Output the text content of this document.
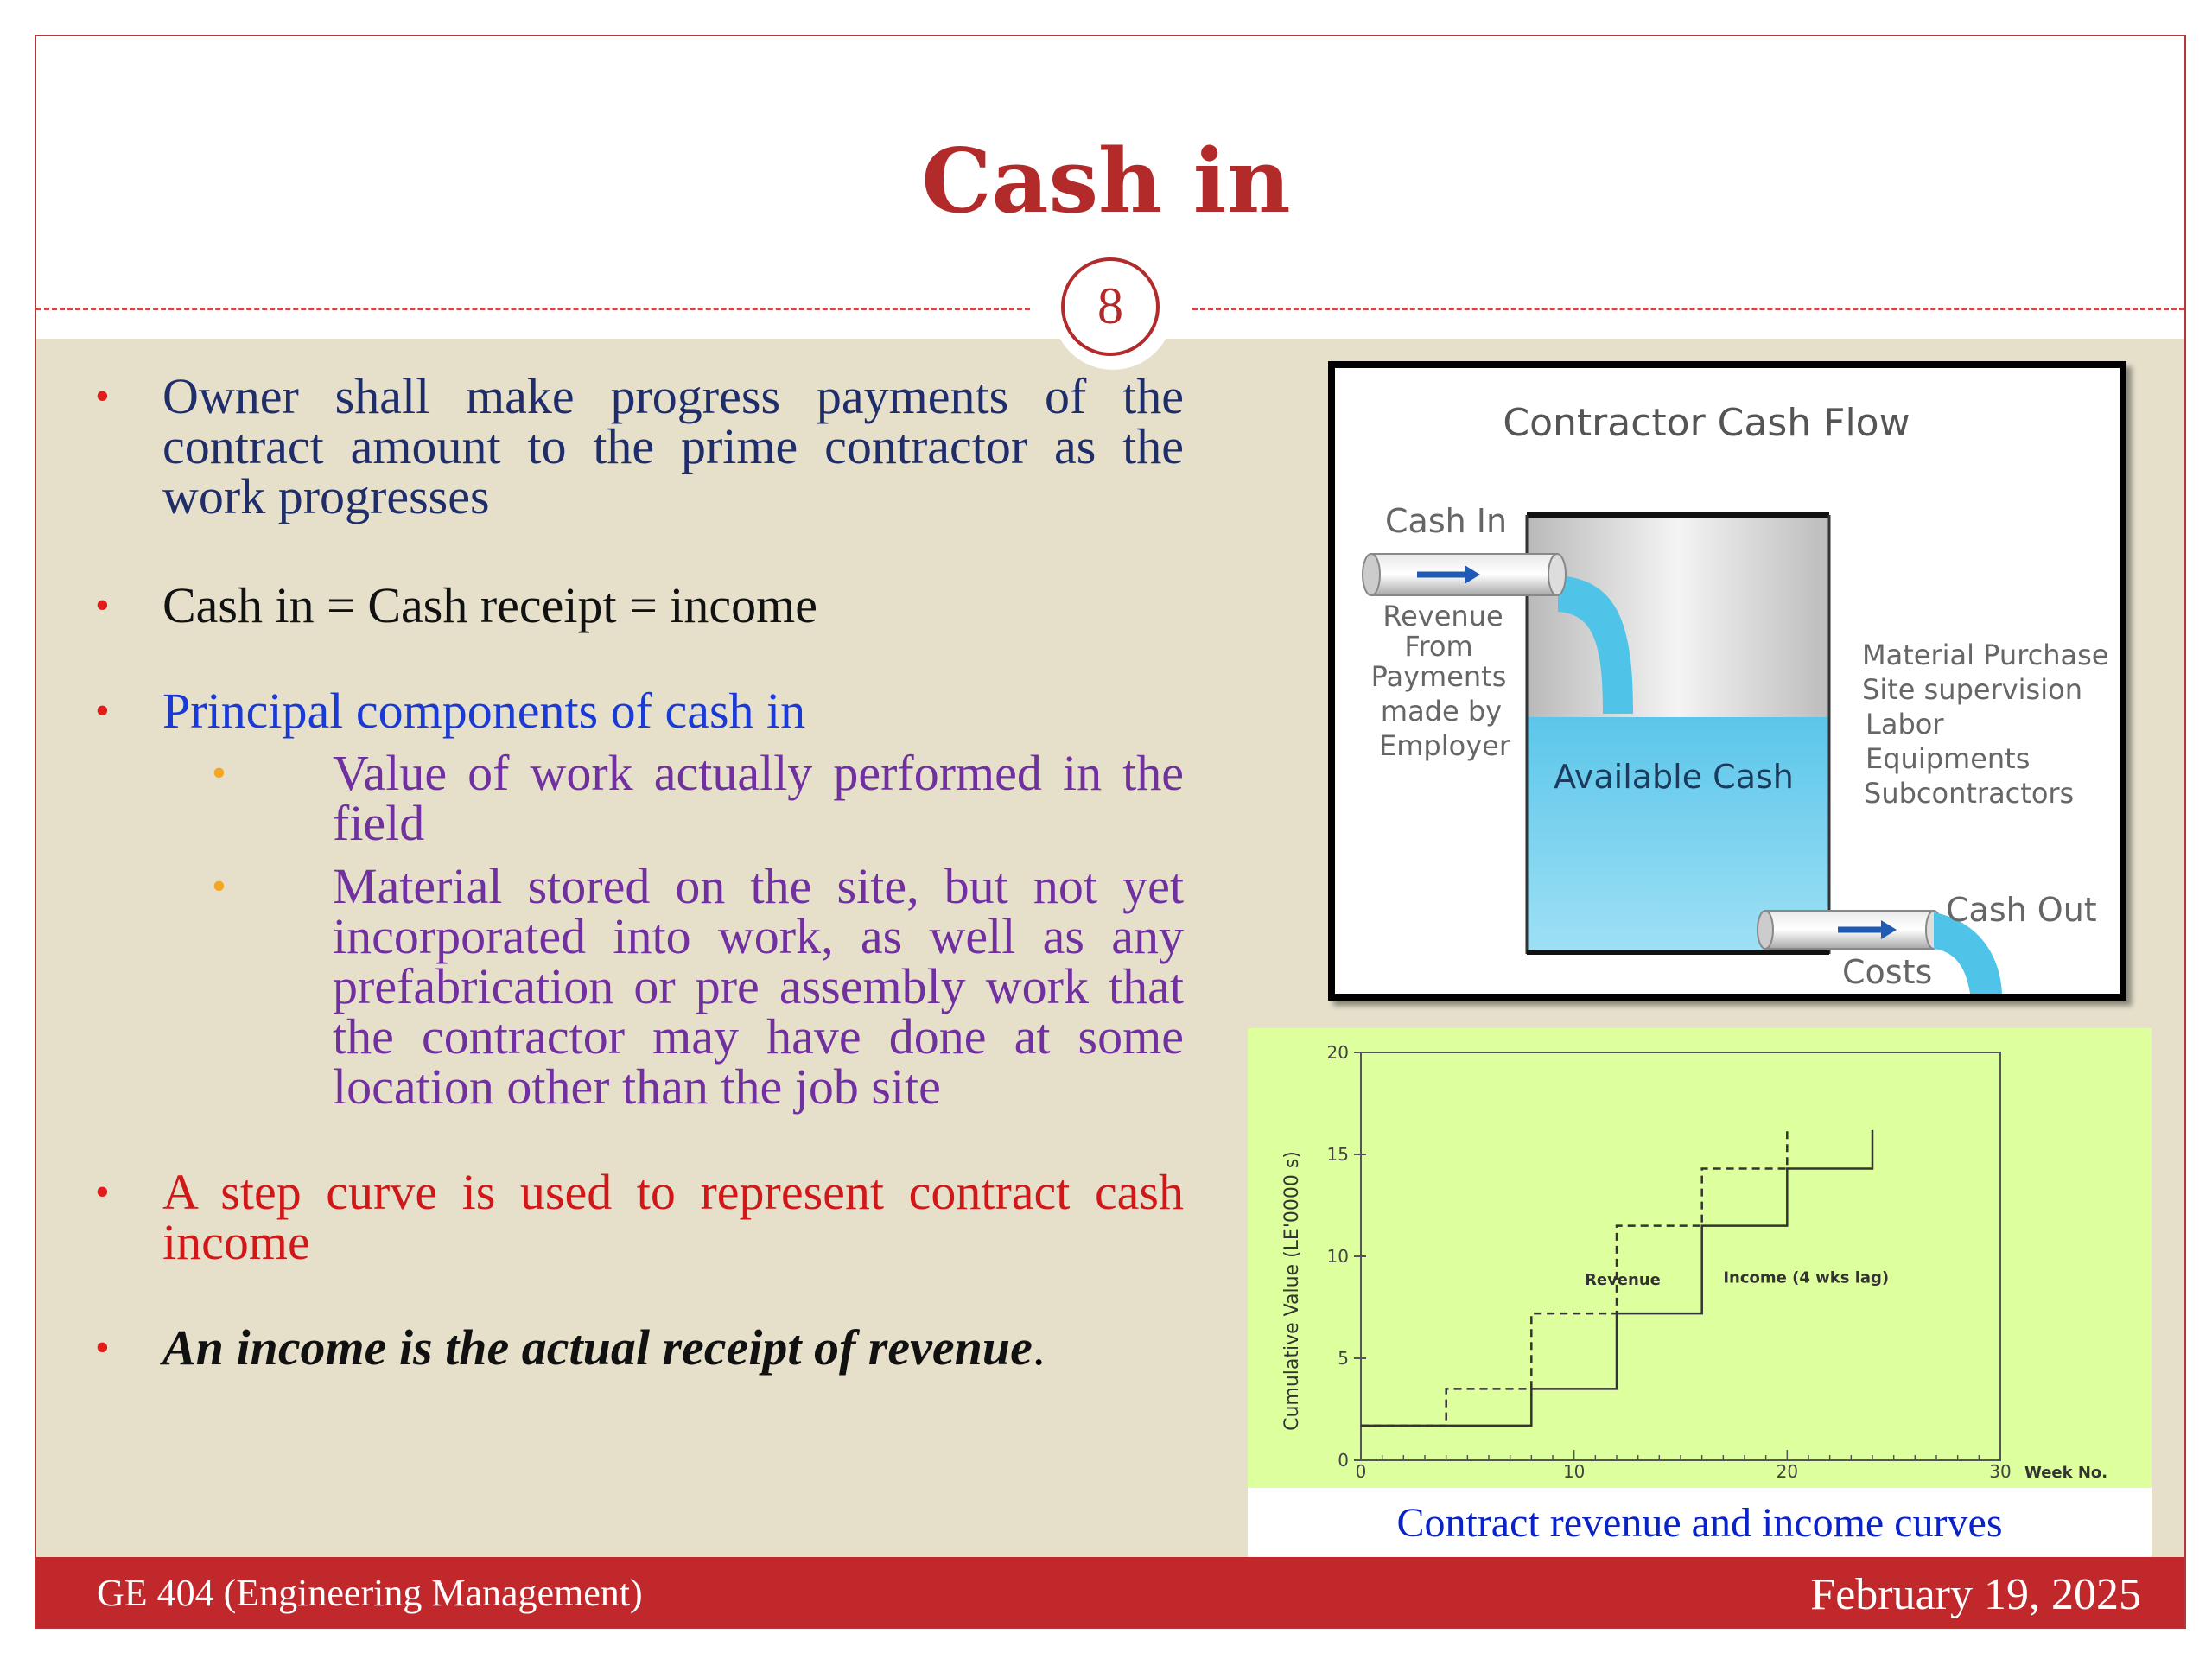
Cash in
8
• Owner shall make progress payments of the contract amount to the prime contractor as the work progresses
• Cash in = Cash receipt = income
• Principal components of cash in
• Value of work actually performed in the field
• Material stored on the site, but not yet incorporated into work, as well as any prefabrication or pre assembly work that the contractor may have done at some location other than the job site
• A step curve is used to represent contract cash income
• An income is the actual receipt of revenue.
Contractor Cash Flow
Cash In
Revenue
From
Payments
made by
Employer
Available Cash
Material Purchase
Site supervision
Labor
Equipments
Subcontractors
Cash Out
Costs
Cumulative Value (LE'0000 s)
Week No.
0	10	20	30
0
5
10
15
20
Revenue	Income (4 wks lag)
Contract revenue and income curves
GE 404 (Engineering Management)	February 19, 2025
